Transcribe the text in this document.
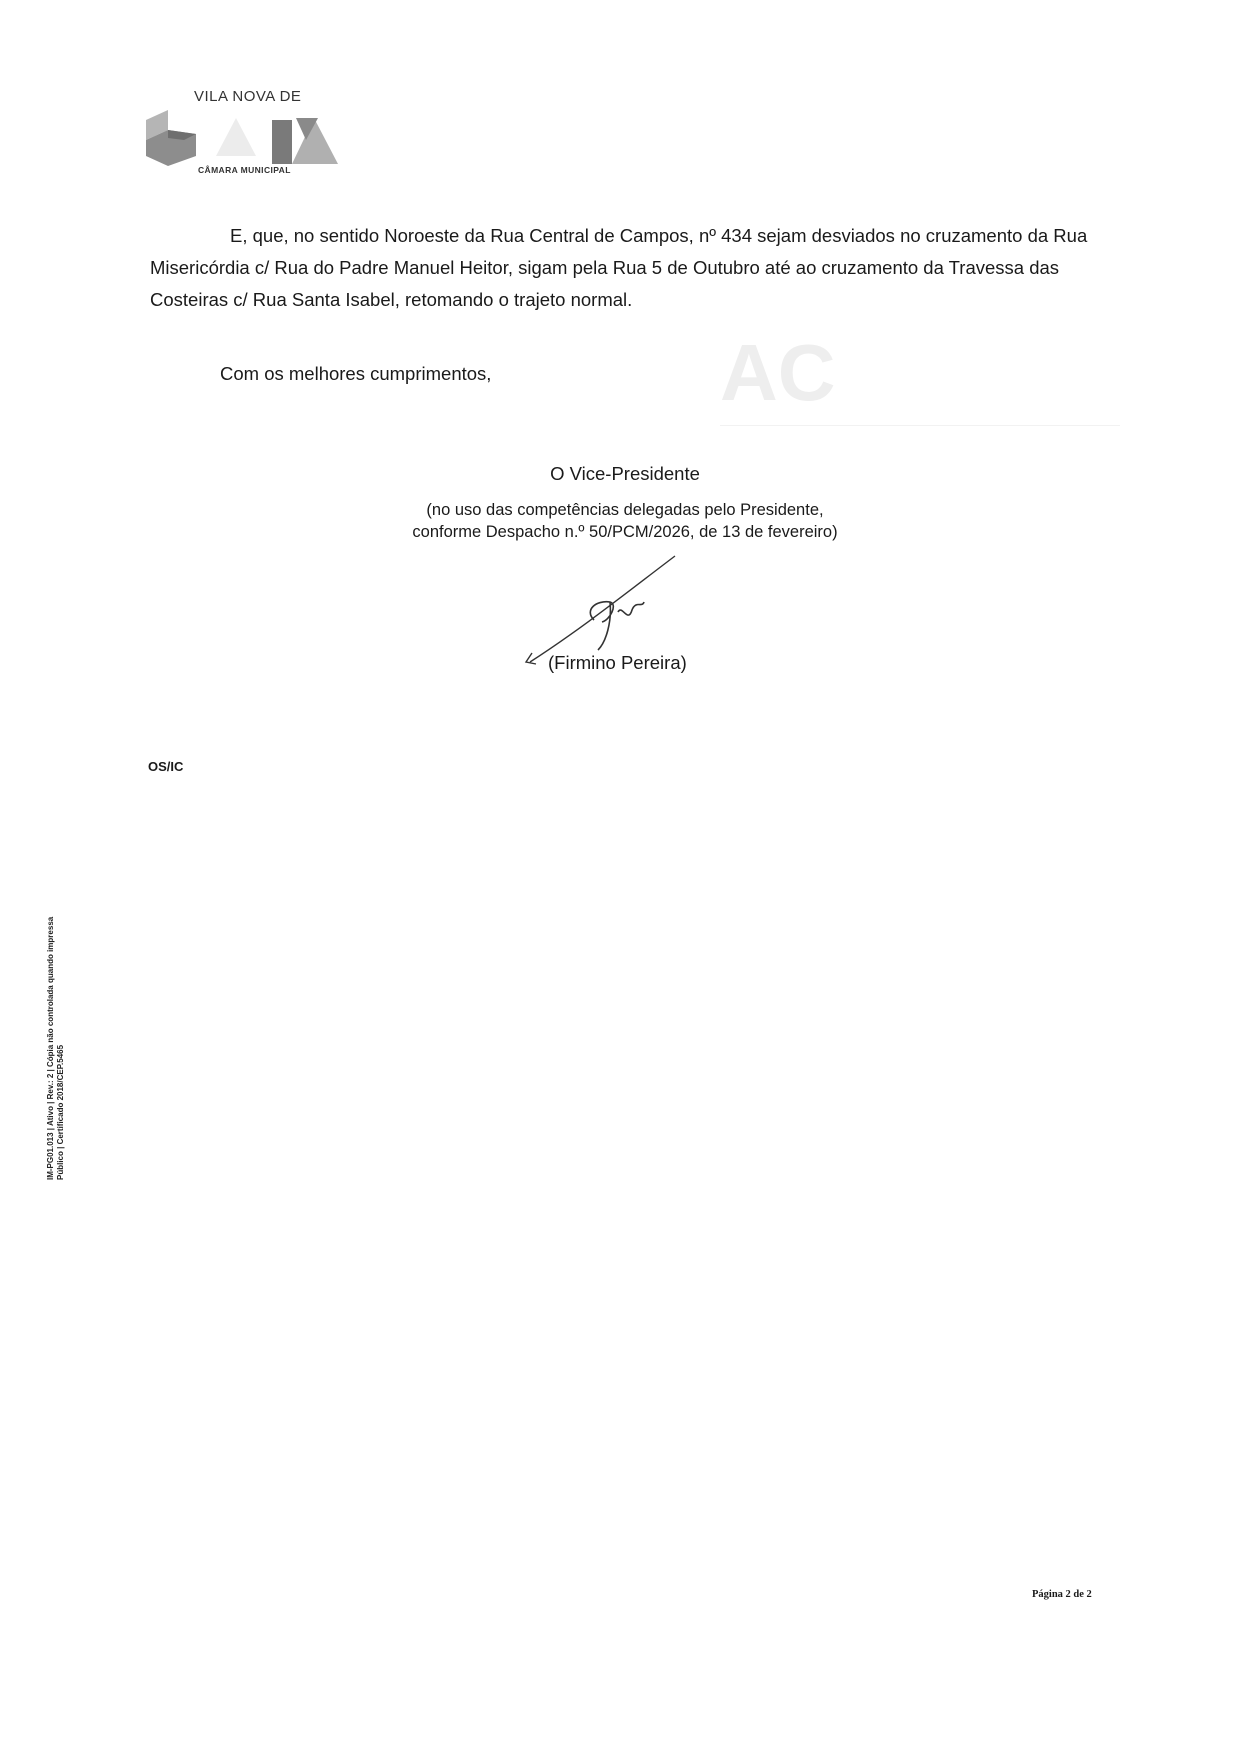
AC
VILA NOVA DE
CÂMARA MUNICIPAL

E, que, no sentido Noroeste da Rua Central de Campos, nº 434 sejam desviados no cruzamento da Rua Misericórdia c/ Rua do Padre Manuel Heitor, sigam pela Rua 5 de Outubro até ao cruzamento da Travessa das Costeiras c/ Rua Santa Isabel, retomando o trajeto normal.

Com os melhores cumprimentos,

O Vice-Presidente

(no uso das competências delegadas pelo Presidente,

conforme Despacho n.º 50/PCM/2026, de 13 de fevereiro)

(Firmino Pereira)
OS/IC
IM-PG01.013 | Ativo | Rev.: 2 | Cópia não controlada quando impressa Público | Certificado 2018/CEP.5465
Página 2 de 2
